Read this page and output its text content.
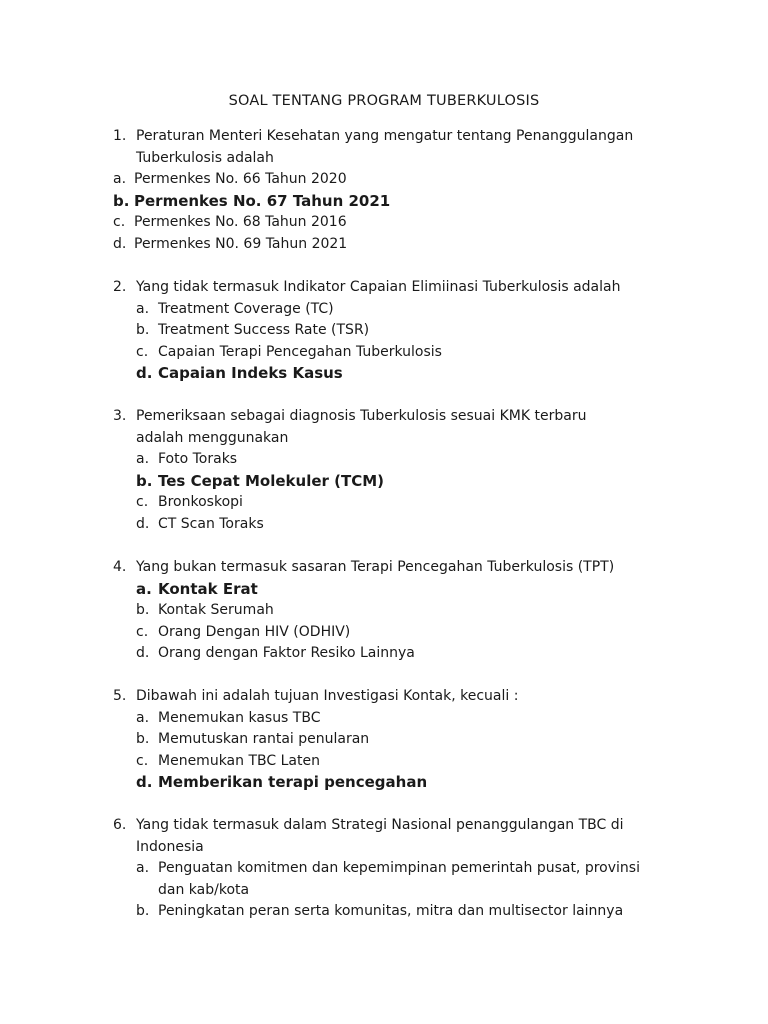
SOAL TENTANG PROGRAM TUBERKULOSIS
1. Peraturan Menteri Kesehatan yang mengatur tentang Penanggulangan Tuberkulosis adalah
a. Permenkes No. 66 Tahun 2020
b. Permenkes No. 67 Tahun 2021
c. Permenkes No. 68 Tahun 2016
d. Permenkes N0. 69 Tahun 2021
2. Yang tidak termasuk Indikator Capaian Elimiinasi Tuberkulosis adalah
a. Treatment Coverage (TC)
b. Treatment Success Rate (TSR)
c. Capaian Terapi Pencegahan Tuberkulosis
d. Capaian Indeks Kasus
3. Pemeriksaan sebagai diagnosis Tuberkulosis sesuai KMK terbaru adalah menggunakan
a. Foto Toraks
b. Tes Cepat Molekuler (TCM)
c. Bronkoskopi
d. CT Scan Toraks
4. Yang bukan termasuk sasaran Terapi Pencegahan Tuberkulosis (TPT)
a. Kontak Erat
b. Kontak Serumah
c. Orang Dengan HIV (ODHIV)
d. Orang dengan Faktor Resiko Lainnya
5. Dibawah ini adalah tujuan Investigasi Kontak, kecuali :
a. Menemukan kasus TBC
b. Memutuskan rantai penularan
c. Menemukan TBC Laten
d. Memberikan terapi pencegahan
6. Yang tidak termasuk dalam Strategi Nasional penanggulangan TBC di Indonesia
a. Penguatan komitmen dan kepemimpinan pemerintah pusat, provinsi dan kab/kota
b. Peningkatan peran serta komunitas, mitra dan multisector lainnya
